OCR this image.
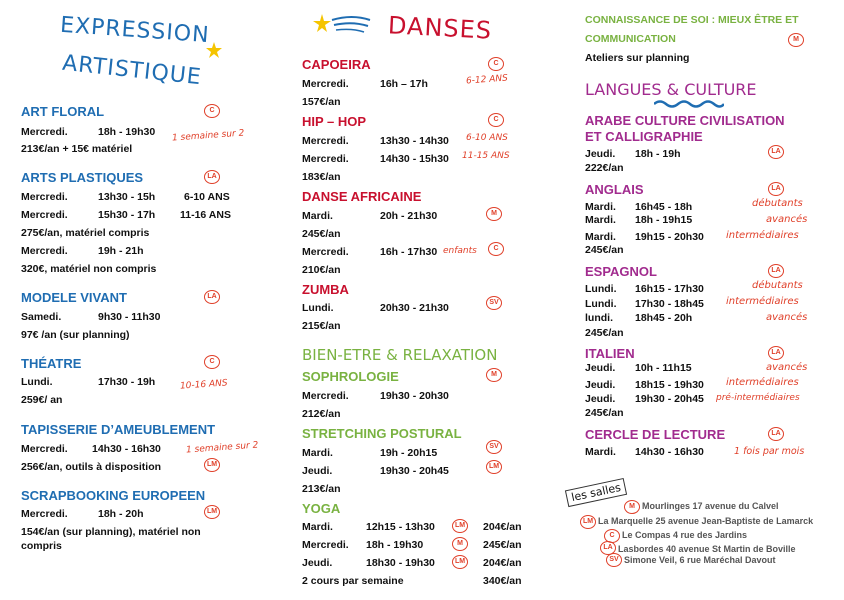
EXPRESSION
ARTISTIQUE
ART FLORAL	C
Mercredi.	18h - 19h30 1 semaine sur 2
213€/an + 15€ matériel
ARTS PLASTIQUES	LA
Mercredi.	13h30 - 15h	6-10 ANS
Mercredi.	15h30 - 17h 11-16 ANS
275€/an, matériel compris
Mercredi.	19h - 21h
320€, matériel non compris
MODELE VIVANT	LA
Samedi.	9h30 - 11h30
97€ /an (sur planning)
THÉATRE	C
Lundi.	17h30 - 19h	10-16 ANS
259€/ an
TAPISSERIE D’AMEUBLEMENT
Mercredi. 14h30 - 16h30	1 semaine sur 2
LM
256€/an, outils à disposition
SCRAPBOOKING EUROPEEN
LM
Mercredi.	18h - 20h
154€/an (sur planning), matériel non
compris
DANSES
CAPOEIRA	C
Mercredi.	16h – 17h	6-12 ANS
157€/an
HIP – HOP	C
Mercredi.	13h30 - 14h30 6-10 ANS
Mercredi.	14h30 - 15h30 11-15 ANS
183€/an
DANSE AFRICAINE
M
Mardi.	20h - 21h30
245€/an
Mercredi.	16h - 17h30 enfants	C
210€/an
ZUMBA
SV
Lundi.	20h30 - 21h30
215€/an
BIEN-ETRE & RELAXATION
SOPHROLOGIE	M
Mercredi.	19h30 - 20h30
212€/an
STRETCHING POSTURAL
SV
Mardi.	19h - 20h15
LM
Jeudi.	19h30 - 20h45
213€/an
YOGA
Mardi.	12h15 - 13h30	LM 204€/an
Mercredi. 18h - 19h30	M	245€/an
Jeudi.	18h30 - 19h30	LM 204€/an
2 cours par semaine	340€/an
CONNAISSANCE DE SOI : MIEUX ÊTRE ET
COMMUNICATION	M
Ateliers sur planning
LANGUES & CULTURE
ARABE CULTURE CIVILISATION
ET CALLIGRAPHIE
LA
Jeudi. 18h - 19h
222€/an
ANGLAIS	LA
Mardi. 16h45 - 18h	débutants
Mardi. 18h - 19h15	avancés
Mardi. 19h15 - 20h30 intermédiaires
245€/an
ESPAGNOL	LA
Lundi. 16h15 - 17h30	débutants
Lundi. 17h30 - 18h45 intermédiaires
lundi. 18h45 - 20h	avancés
245€/an
ITALIEN	LA
Jeudi. 10h - 11h15	avancés
Jeudi. 18h15 - 19h30 intermédiaires
Jeudi. 19h30 - 20h45 pré-intermédiaires
245€/an
CERCLE DE LECTURE	LA
Mardi. 14h30 - 16h30	1 fois par mois
les salles
M Mourlinges 17 avenue du Calvel
LM La Marquelle 25 avenue Jean-Baptiste de Lamarck
C Le Compas 4 rue des Jardins
LA Lasbordes 40 avenue St Martin de Boville
SV Simone Veil, 6 rue Maréchal Davout
